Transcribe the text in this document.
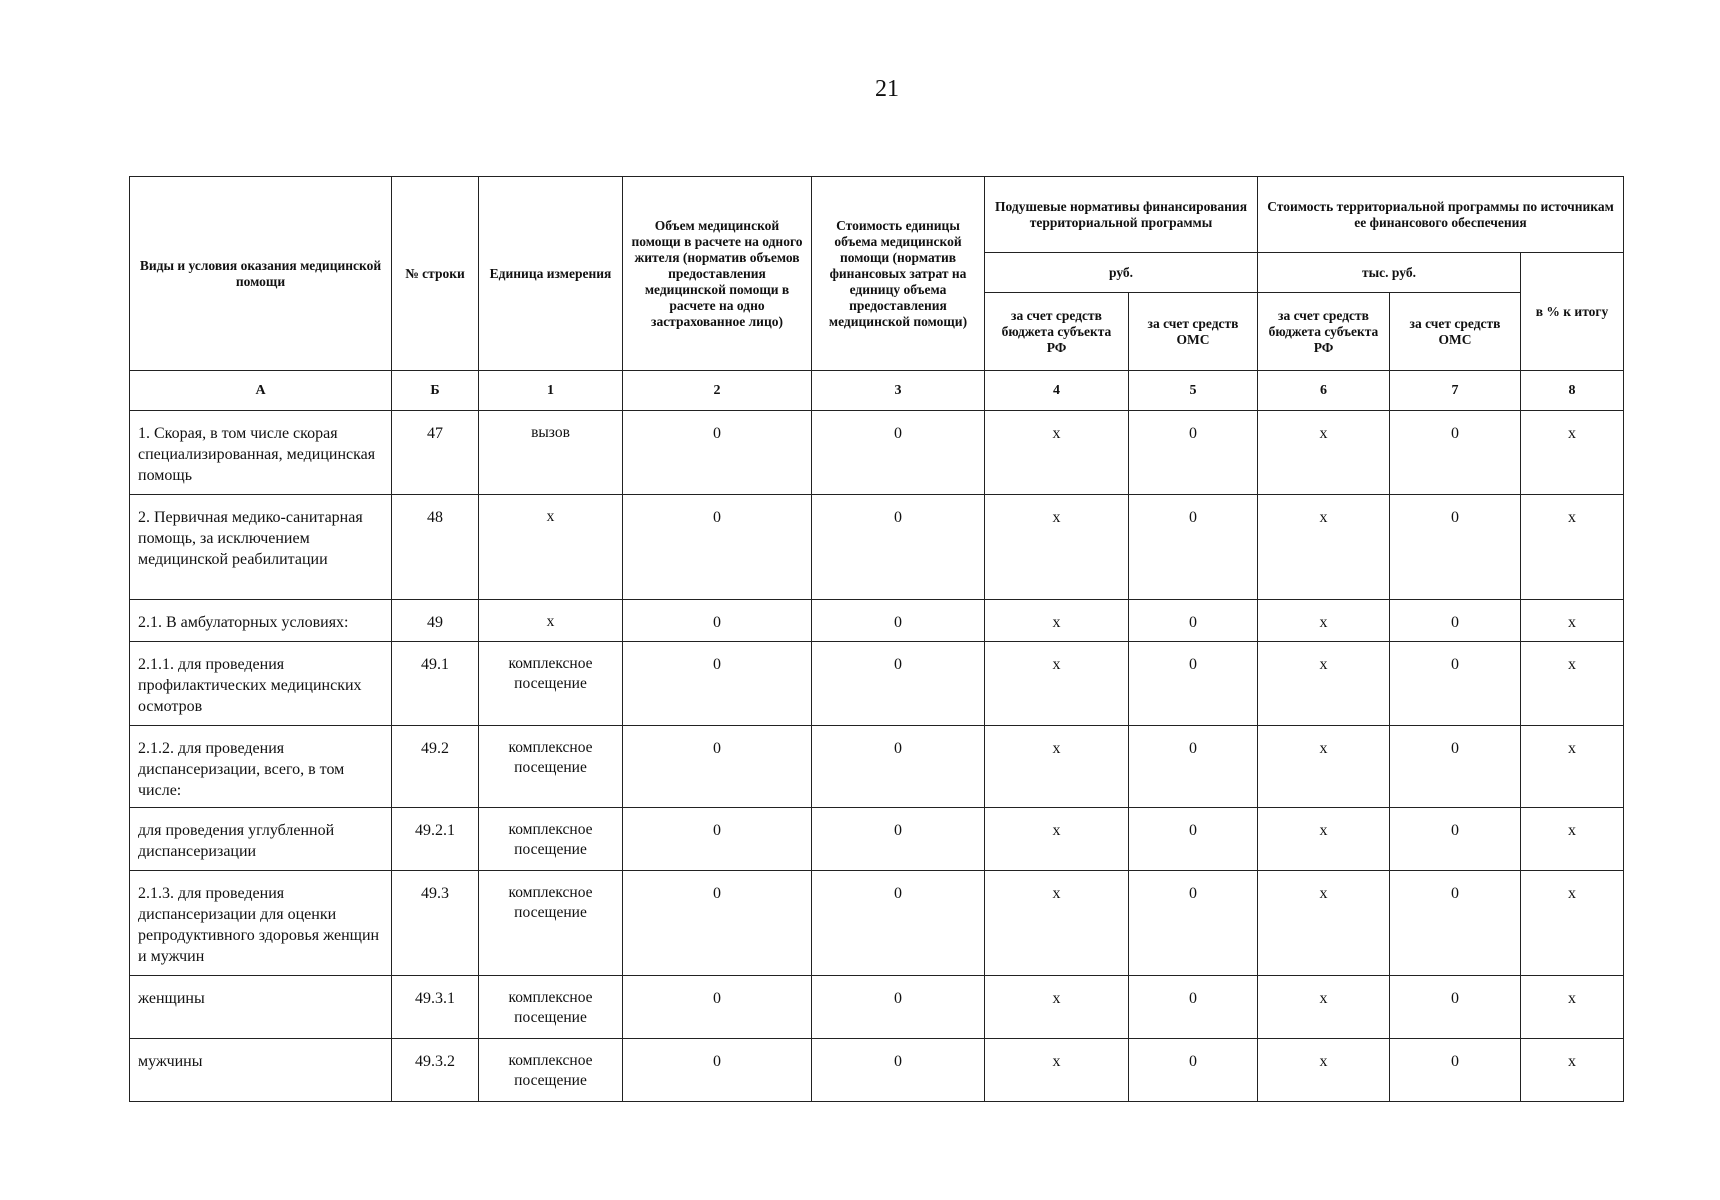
21
Виды и условия оказания медицинской помощи	№ строки	Единица измерения	Объем медицинской помощи в расчете на одного жителя (норматив объемов предоставления медицинской помощи в расчете на одно застрахованное лицо)	Стоимость единицы объема медицинской помощи (норматив финансовых затрат на единицу объема предоставления медицинской помощи)	Подушевые нормативы финансирования территориальной программы		Стоимость территориальной программы по источникам ее финансового обеспечения		
					руб.		тыс. руб.		в % к итогу
					за счет средств бюджета субъекта РФ	за счет средств ОМС	за счет средств бюджета субъекта РФ	за счет средств ОМС	
А	Б	1	2	3	4	5	6	7	8
1. Скорая, в том числе скорая специализированная, медицинская помощь	47	вызов	0	0	х	0	х	0	х
2. Первичная медико-санитарная помощь, за исключением медицинской реабилитации	48	х	0	0	х	0	х	0	х
2.1. В амбулаторных условиях:	49	х	0	0	х	0	х	0	х
2.1.1. для проведения профилактических медицинских осмотров	49.1	комплексное посещение	0	0	х	0	х	0	х
2.1.2. для проведения диспансеризации, всего, в том числе:	49.2	комплексное посещение	0	0	х	0	х	0	х
для проведения углубленной диспансеризации	49.2.1	комплексное посещение	0	0	х	0	х	0	х
2.1.3. для проведения диспансеризации для оценки репродуктивного здоровья женщин и мужчин	49.3	комплексное посещение	0	0	х	0	х	0	х
женщины	49.3.1	комплексное посещение	0	0	х	0	х	0	х
мужчины	49.3.2	комплексное посещение	0	0	х	0	х	0	х
